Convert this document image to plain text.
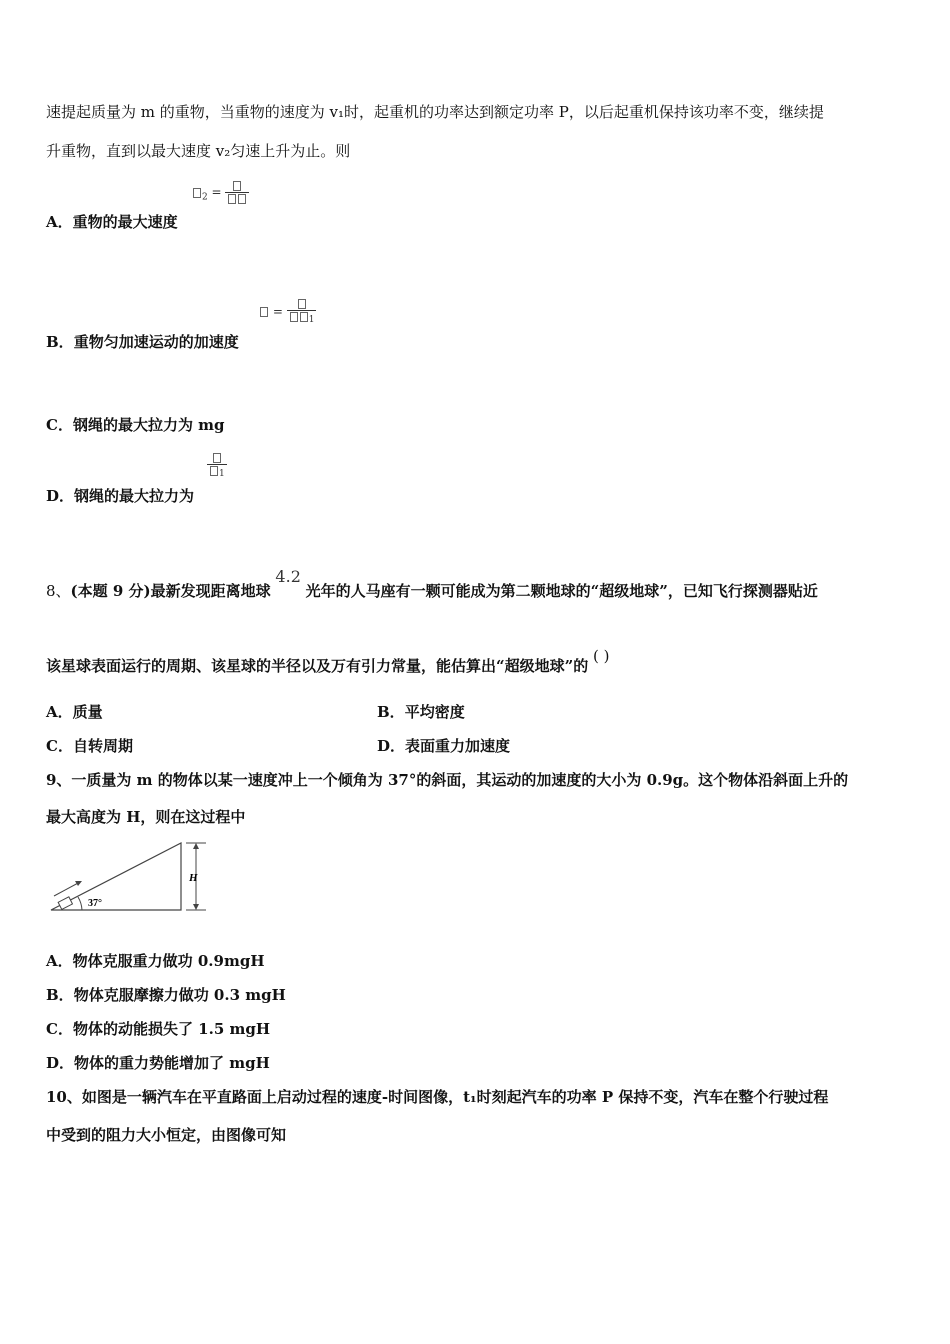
速提起质量为 m 的重物，当重物的速度为 v₁时，起重机的功率达到额定功率 P，以后起重机保持该功率不变，继续提
升重物，直到以最大速度 v₂匀速上升为止。则
$_2$ =
A．重物的最大速度
=
1
B．重物匀加速运动的加速度
C．钢绳的最大拉力为 mg
1
D．钢绳的最大拉力为
8、(本题 9 分)最新发现距离地球 4.2 光年的人马座有一颗可能成为第二颗地球的“超级地球”，已知飞行探测器贴近
该星球表面运行的周期、该星球的半径以及万有引力常量，能估算出“超级地球”的 ( )
A．质量	B．平均密度
C．自转周期	D．表面重力加速度
9、一质量为 m 的物体以某一速度冲上一个倾角为 37°的斜面，其运动的加速度的大小为 0.9g。这个物体沿斜面上升的
最大高度为 H，则在这过程中
H
37°
A．物体克服重力做功 0.9mgH
B．物体克服摩擦力做功 0.3 mgH
C．物体的动能损失了 1.5 mgH
D．物体的重力势能增加了 mgH
10、如图是一辆汽车在平直路面上启动过程的速度-时间图像，t₁时刻起汽车的功率 P 保持不变，汽车在整个行驶过程
中受到的阻力大小恒定，由图像可知
